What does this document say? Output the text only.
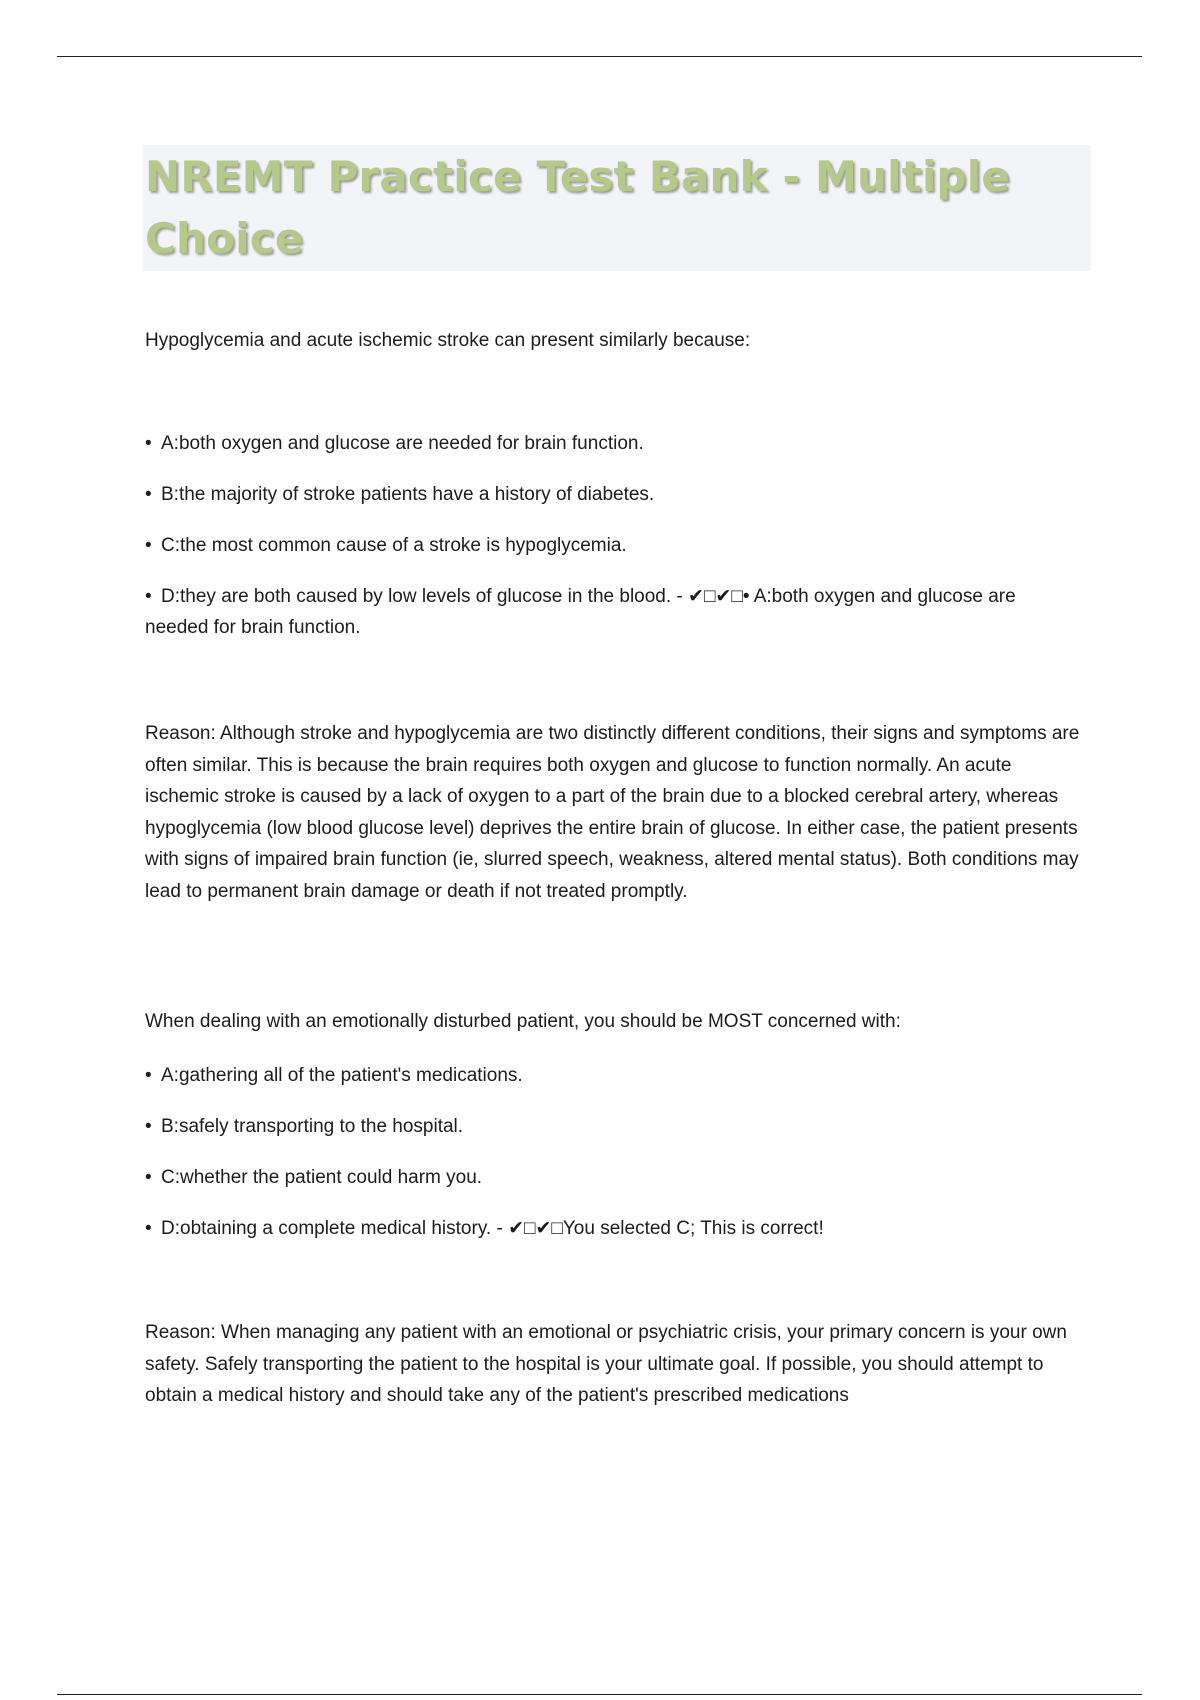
NREMT Practice Test Bank - Multiple Choice

Hypoglycemia and acute ischemic stroke can present similarly because:

• A:both oxygen and glucose are needed for brain function.

• B:the majority of stroke patients have a history of diabetes.

• C:the most common cause of a stroke is hypoglycemia.

• D:they are both caused by low levels of glucose in the blood. - ✔□✔□• A:both oxygen and glucose are needed for brain function.

Reason: Although stroke and hypoglycemia are two distinctly different conditions, their signs and symptoms are often similar. This is because the brain requires both oxygen and glucose to function normally. An acute ischemic stroke is caused by a lack of oxygen to a part of the brain due to a blocked cerebral artery, whereas hypoglycemia (low blood glucose level) deprives the entire brain of glucose. In either case, the patient presents with signs of impaired brain function (ie, slurred speech, weakness, altered mental status). Both conditions may lead to permanent brain damage or death if not treated promptly.

When dealing with an emotionally disturbed patient, you should be MOST concerned with:

• A:gathering all of the patient's medications.

• B:safely transporting to the hospital.

• C:whether the patient could harm you.

• D:obtaining a complete medical history. - ✔□✔□You selected C; This is correct!

Reason: When managing any patient with an emotional or psychiatric crisis, your primary concern is your own safety. Safely transporting the patient to the hospital is your ultimate goal. If possible, you should attempt to obtain a medical history and should take any of the patient's prescribed medications
